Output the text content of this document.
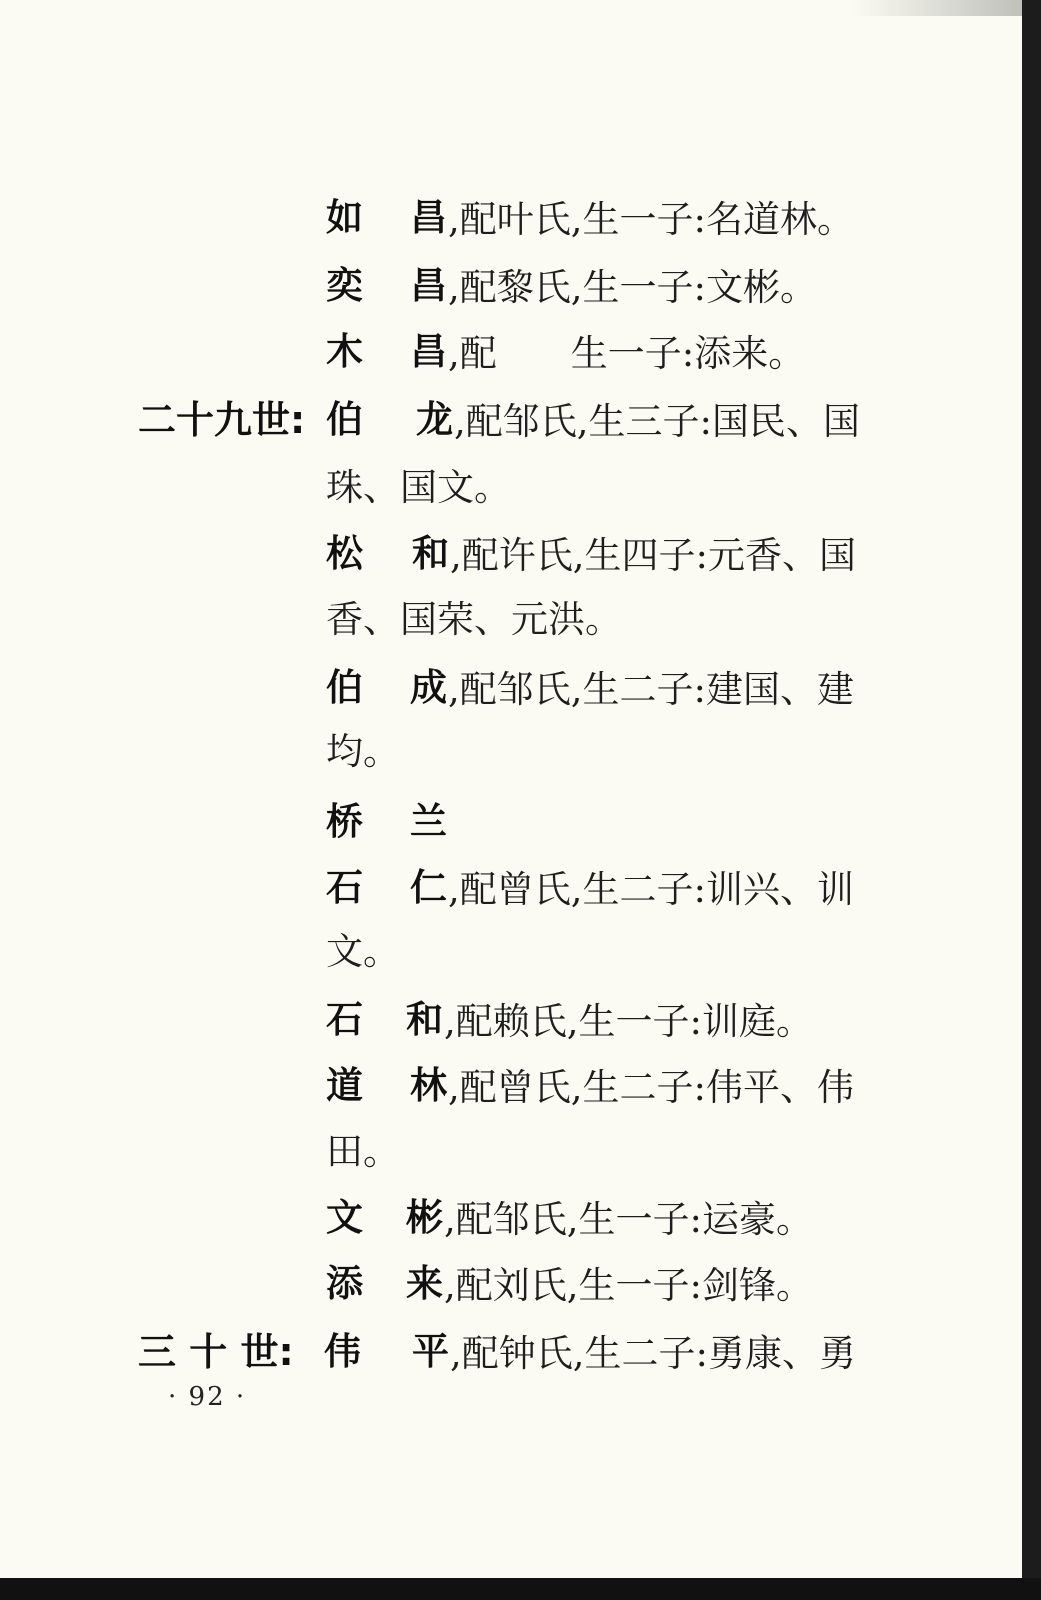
如 昌 ,配叶氏,生一子:名道林。
奕 昌 ,配黎氏,生一子:文彬。
木 昌 ,配　　生一子:添来。
二十九世: 伯 龙 ,配邹氏,生三子:国民、国
珠、国文。
松 和 ,配许氏,生四子:元香、国
香、国荣、元洪。
伯 成 ,配邹氏,生二子:建国、建
均。
桥 兰
石 仁 ,配曾氏,生二子:训兴、训
文。
石 和 ,配赖氏,生一子:训庭。
道 林 ,配曾氏,生二子:伟平、伟
田。
文 彬 ,配邹氏,生一子:运豪。
添 来 ,配刘氏,生一子:剑锋。
三 十 世: 伟 平 ,配钟氏,生二子:勇康、勇
· 92 ·
